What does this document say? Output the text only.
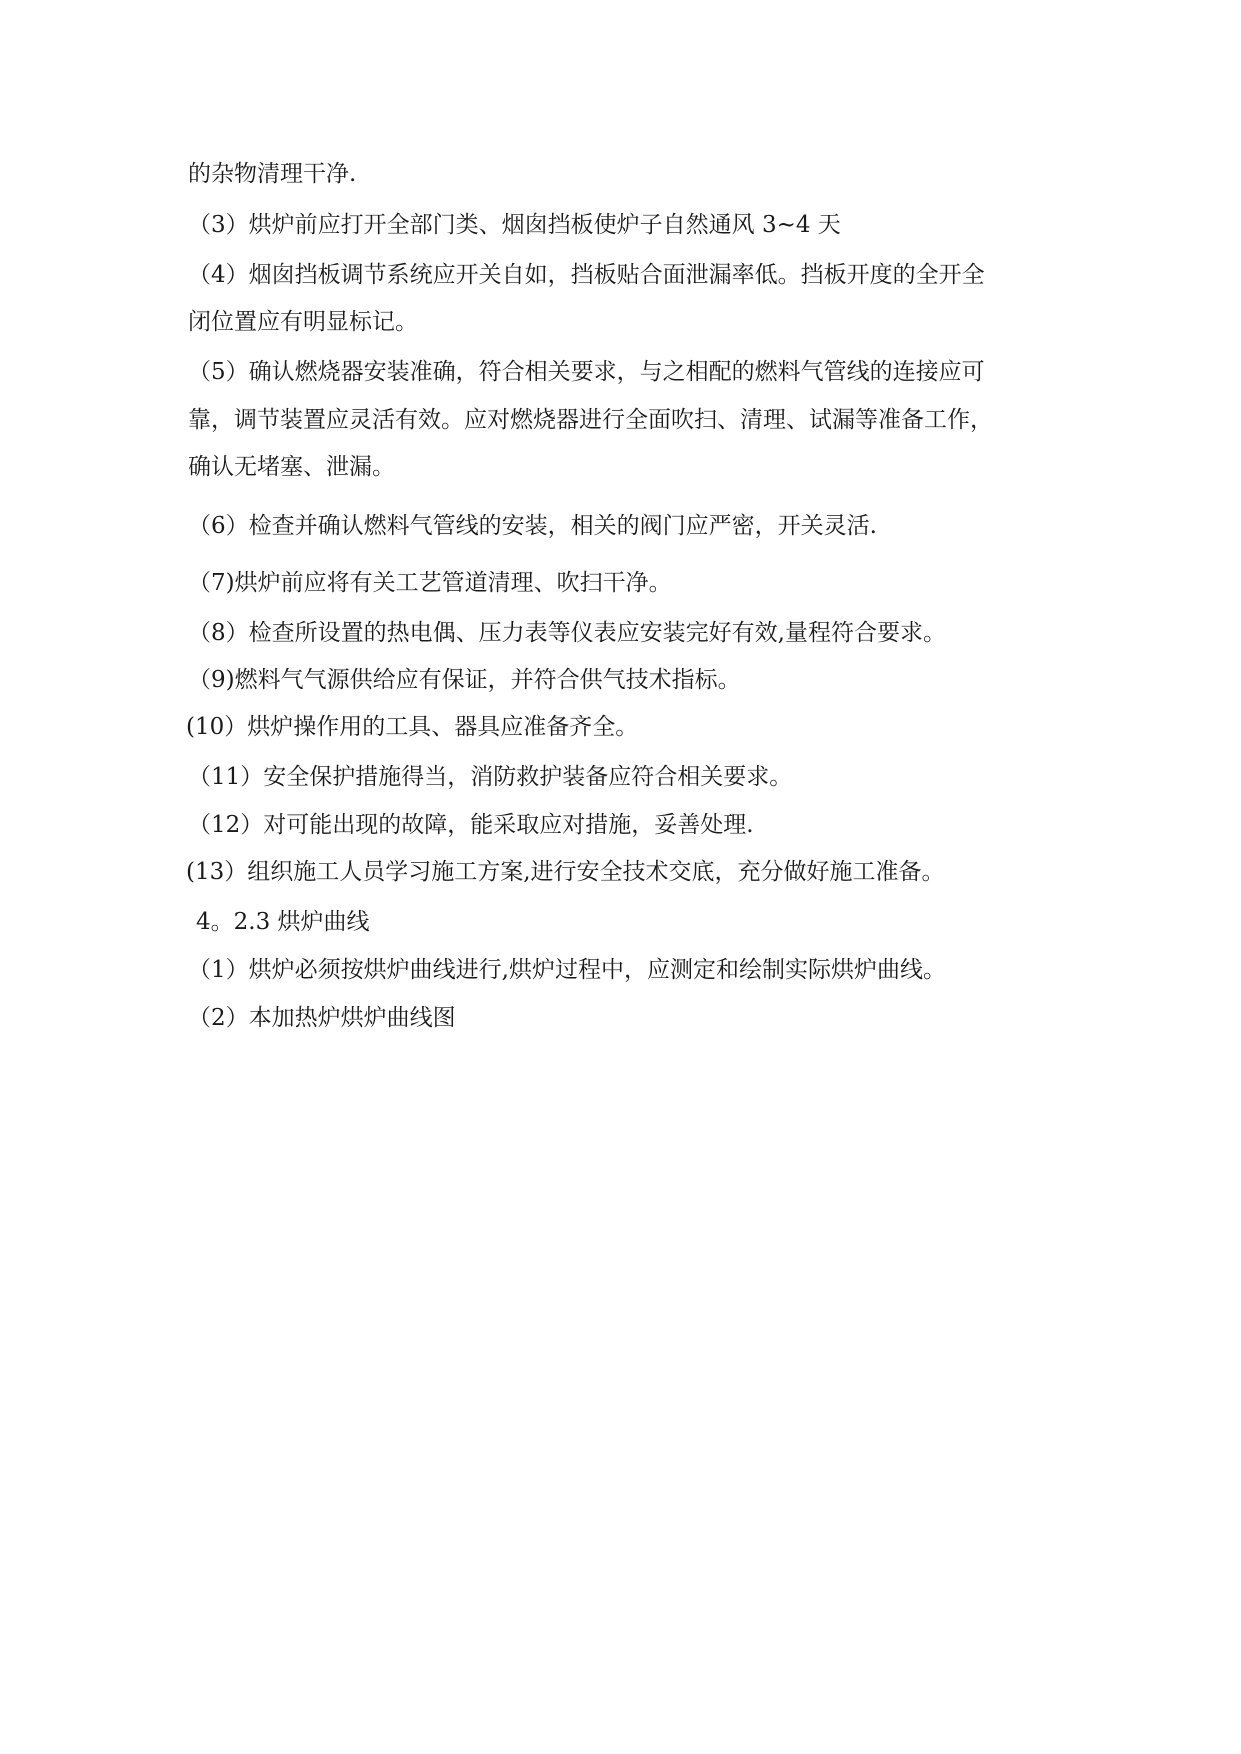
的杂物清理干净.
（3）烘炉前应打开全部门类、烟囱挡板使炉子自然通风 3~4 天
（4）烟囱挡板调节系统应开关自如，挡板贴合面泄漏率低。挡板开度的全开全
闭位置应有明显标记。
（5）确认燃烧器安装准确，符合相关要求，与之相配的燃料气管线的连接应可
靠，调节装置应灵活有效。应对燃烧器进行全面吹扫、清理、试漏等准备工作，
确认无堵塞、泄漏。
（6）检查并确认燃料气管线的安装，相关的阀门应严密，开关灵活.
（7)烘炉前应将有关工艺管道清理、吹扫干净。
（8）检查所设置的热电偶、压力表等仪表应安装完好有效,量程符合要求。
（9)燃料气气源供给应有保证，并符合供气技术指标。
(10）烘炉操作用的工具、器具应准备齐全。
（11）安全保护措施得当，消防救护装备应符合相关要求。
（12）对可能出现的故障，能采取应对措施，妥善处理.
(13）组织施工人员学习施工方案,进行安全技术交底，充分做好施工准备。
4。2.3 烘炉曲线
（1）烘炉必须按烘炉曲线进行,烘炉过程中，应测定和绘制实际烘炉曲线。
（2）本加热炉烘炉曲线图
